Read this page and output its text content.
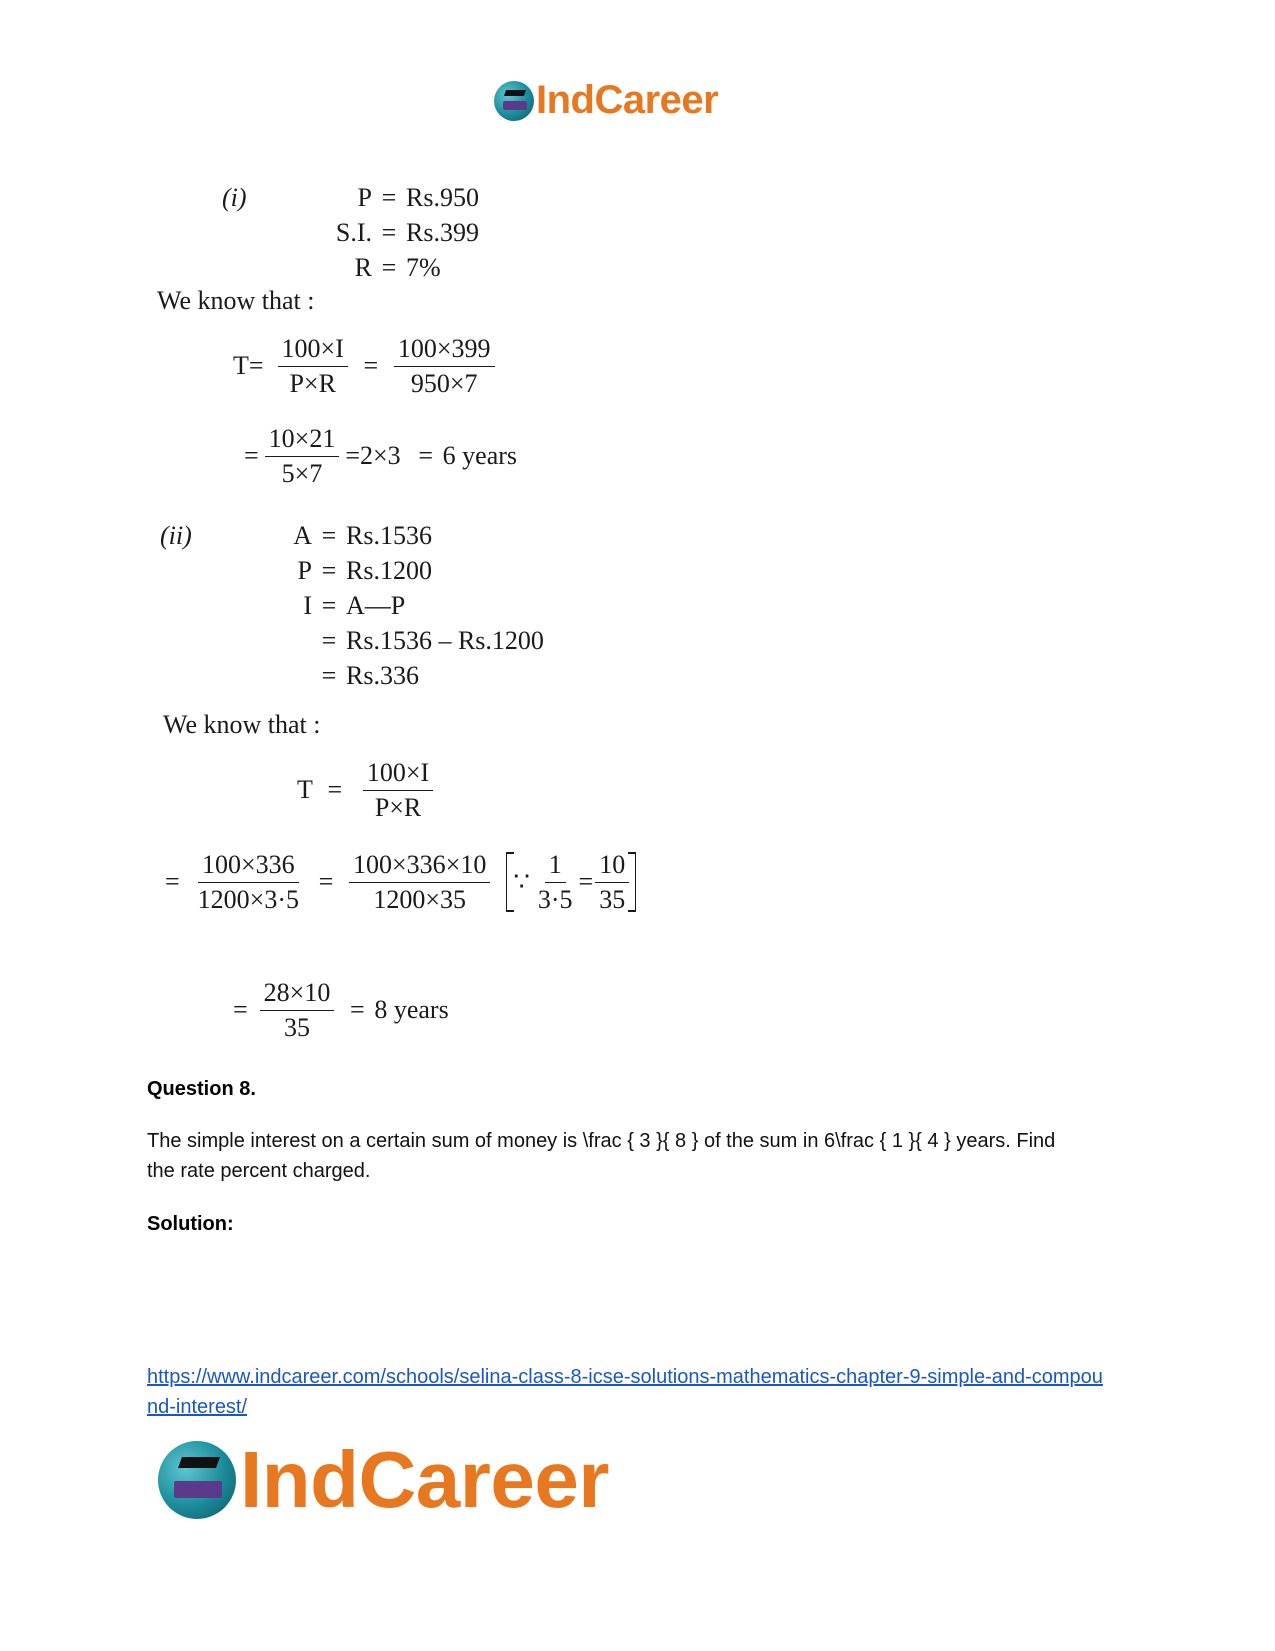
IndCareer
(i)	P = Rs.950
S.I. = Rs.399
R = 7%
We know that :
$T= \frac{100\times I}{P\times R} = \frac{100\times 399}{950\times 7}$
= $\frac{10\times 21}{5\times 7} =2\times 3 = 6$ years
(ii)	A = Rs.1536
P = Rs.1200
I = A—P
= Rs.1536 – Rs.1200
= Rs.336
We know that :
$T = \frac{100\times I}{P\times R}$
= $\frac{100\times 336}{1200\times 3\cdot 5} = \frac{100\times 336\times 10}{1200\times 35}$ ∵ $\frac{1}{3\cdot 5} = \frac{10}{35}$
= $\frac{28\times 10}{35} = 8$ years
Question 8.
The simple interest on a certain sum of money is \frac { 3 }{ 8 } of the sum in 6\frac { 1 }{ 4 } years. Find the rate percent charged.
Solution:
https://www.indcareer.com/schools/selina-class-8-icse-solutions-mathematics-chapter-9-simple-and-compound-interest/
IndCareer
